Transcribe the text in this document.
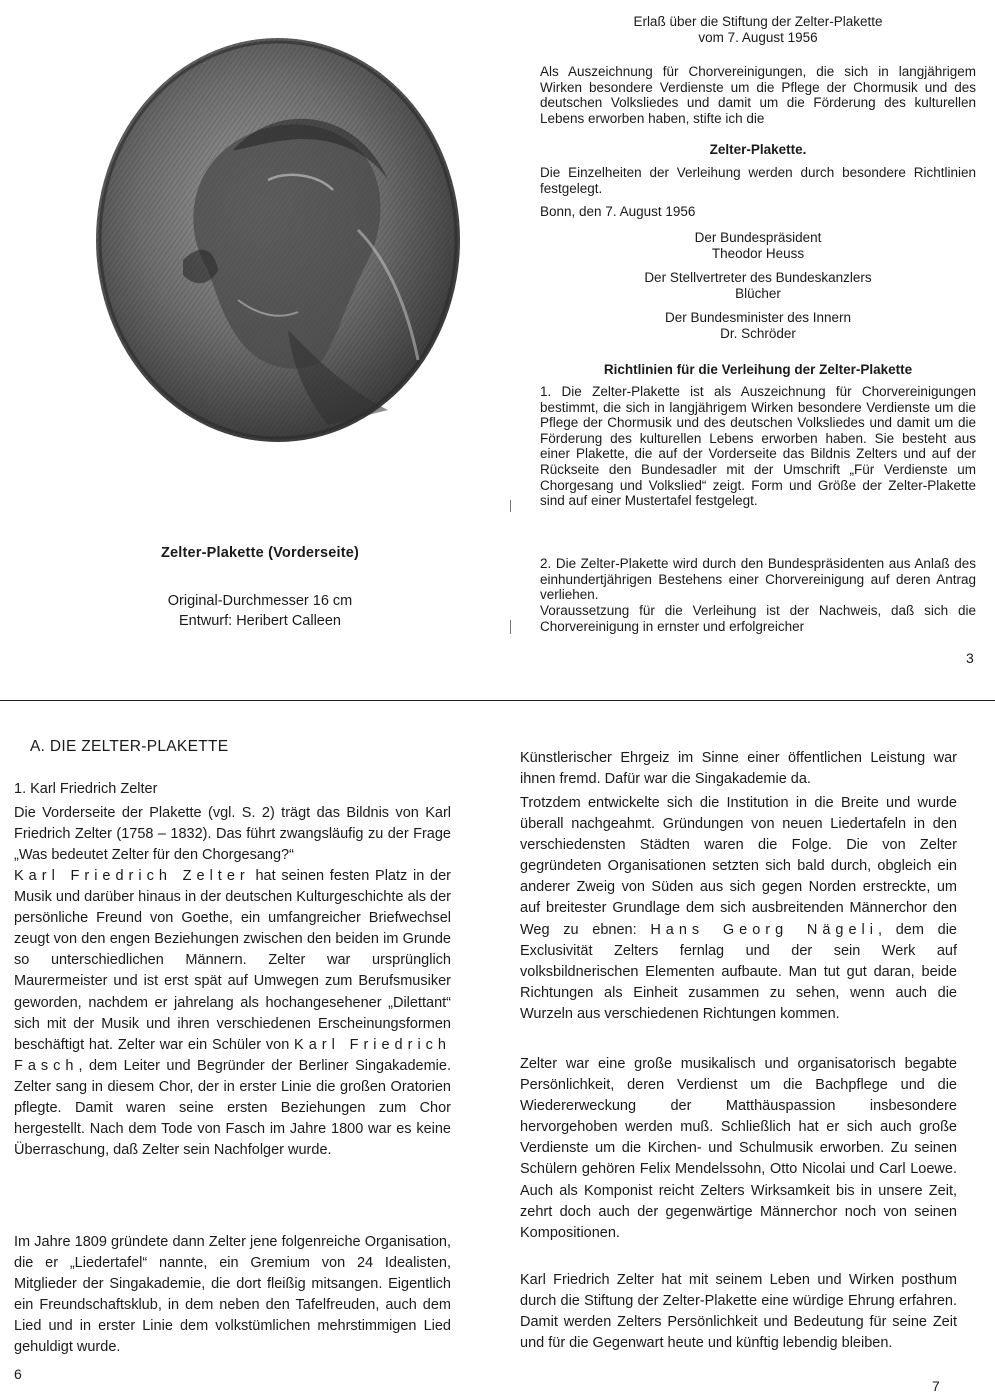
Zelter-Plakette (Vorderseite)
Original-Durchmesser 16 cm
Entwurf: Heribert Calleen
Erlaß über die Stiftung der Zelter-Plakette
vom 7. August 1956
Als Auszeichnung für Chorvereinigungen, die sich in langjährigem Wirken besondere Verdienste um die Pflege der Chormusik und des deutschen Volksliedes und damit um die Förderung des kulturellen Lebens erworben haben, stifte ich die
Zelter-Plakette.
Die Einzelheiten der Verleihung werden durch besondere Richtlinien festgelegt.
Bonn, den 7. August 1956
Der Bundespräsident
Theodor Heuss
Der Stellvertreter des Bundeskanzlers
Blücher
Der Bundesminister des Innern
Dr. Schröder
Richtlinien für die Verleihung der Zelter-Plakette
1. Die Zelter-Plakette ist als Auszeichnung für Chorvereinigungen bestimmt, die sich in langjährigem Wirken besondere Verdienste um die Pflege der Chormusik und des deutschen Volksliedes und damit um die Förderung des kulturellen Lebens erworben haben. Sie besteht aus einer Plakette, die auf der Vorderseite das Bildnis Zelters und auf der Rückseite den Bundesadler mit der Umschrift „Für Verdienste um Chorgesang und Volkslied“ zeigt. Form und Größe der Zelter-Plakette sind auf einer Mustertafel festgelegt.
2. Die Zelter-Plakette wird durch den Bundespräsidenten aus Anlaß des einhundertjährigen Bestehens einer Chorvereinigung auf deren Antrag verliehen.
Voraussetzung für die Verleihung ist der Nachweis, daß sich die Chorvereinigung in ernster und erfolgreicher
3
A. DIE ZELTER-PLAKETTE
1. Karl Friedrich Zelter
Die Vorderseite der Plakette (vgl. S. 2) trägt das Bildnis von Karl Friedrich Zelter (1758 – 1832). Das führt zwangsläufig zu der Frage „Was bedeutet Zelter für den Chorgesang?“
Karl Friedrich Zelter hat seinen festen Platz in der Musik und darüber hinaus in der deutschen Kulturgeschichte als der persönliche Freund von Goethe, ein umfangreicher Briefwechsel zeugt von den engen Beziehungen zwischen den beiden im Grunde so unterschiedlichen Männern. Zelter war ursprünglich Maurermeister und ist erst spät auf Umwegen zum Berufsmusiker geworden, nachdem er jahrelang als hochangesehener „Dilettant“ sich mit der Musik und ihren verschiedenen Erscheinungsformen beschäftigt hat. Zelter war ein Schüler von Karl Friedrich Fasch, dem Leiter und Begründer der Berliner Singakademie. Zelter sang in diesem Chor, der in erster Linie die großen Oratorien pflegte. Damit waren seine ersten Beziehungen zum Chor hergestellt. Nach dem Tode von Fasch im Jahre 1800 war es keine Überraschung, daß Zelter sein Nachfolger wurde.
Im Jahre 1809 gründete dann Zelter jene folgenreiche Organisation, die er „Liedertafel“ nannte, ein Gremium von 24 Idealisten, Mitglieder der Singakademie, die dort fleißig mitsangen. Eigentlich ein Freundschaftsklub, in dem neben den Tafelfreuden, auch dem Lied und in erster Linie dem volkstümlichen mehrstimmigen Lied gehuldigt wurde.
6
Künstlerischer Ehrgeiz im Sinne einer öffentlichen Leistung war ihnen fremd. Dafür war die Singakademie da.
Trotzdem entwickelte sich die Institution in die Breite und wurde überall nachgeahmt. Gründungen von neuen Liedertafeln in den verschiedensten Städten waren die Folge. Die von Zelter gegründeten Organisationen setzten sich bald durch, obgleich ein anderer Zweig von Süden aus sich gegen Norden erstreckte, um auf breitester Grundlage dem sich ausbreitenden Männerchor den Weg zu ebnen: Hans Georg Nägeli, dem die Exclusivität Zelters fernlag und der sein Werk auf volksbildnerischen Elementen aufbaute. Man tut gut daran, beide Richtungen als Einheit zusammen zu sehen, wenn auch die Wurzeln aus verschiedenen Richtungen kommen.
Zelter war eine große musikalisch und organisatorisch begabte Persönlichkeit, deren Verdienst um die Bachpflege und die Wiedererweckung der Matthäuspassion insbesondere hervorgehoben werden muß. Schließlich hat er sich auch große Verdienste um die Kirchen- und Schulmusik erworben. Zu seinen Schülern gehören Felix Mendelssohn, Otto Nicolai und Carl Loewe. Auch als Komponist reicht Zelters Wirksamkeit bis in unsere Zeit, zehrt doch auch der gegenwärtige Männerchor noch von seinen Kompositionen.
Karl Friedrich Zelter hat mit seinem Leben und Wirken posthum durch die Stiftung der Zelter-Plakette eine würdige Ehrung erfahren. Damit werden Zelters Persönlichkeit und Bedeutung für seine Zeit und für die Gegenwart heute und künftig lebendig bleiben.
7
